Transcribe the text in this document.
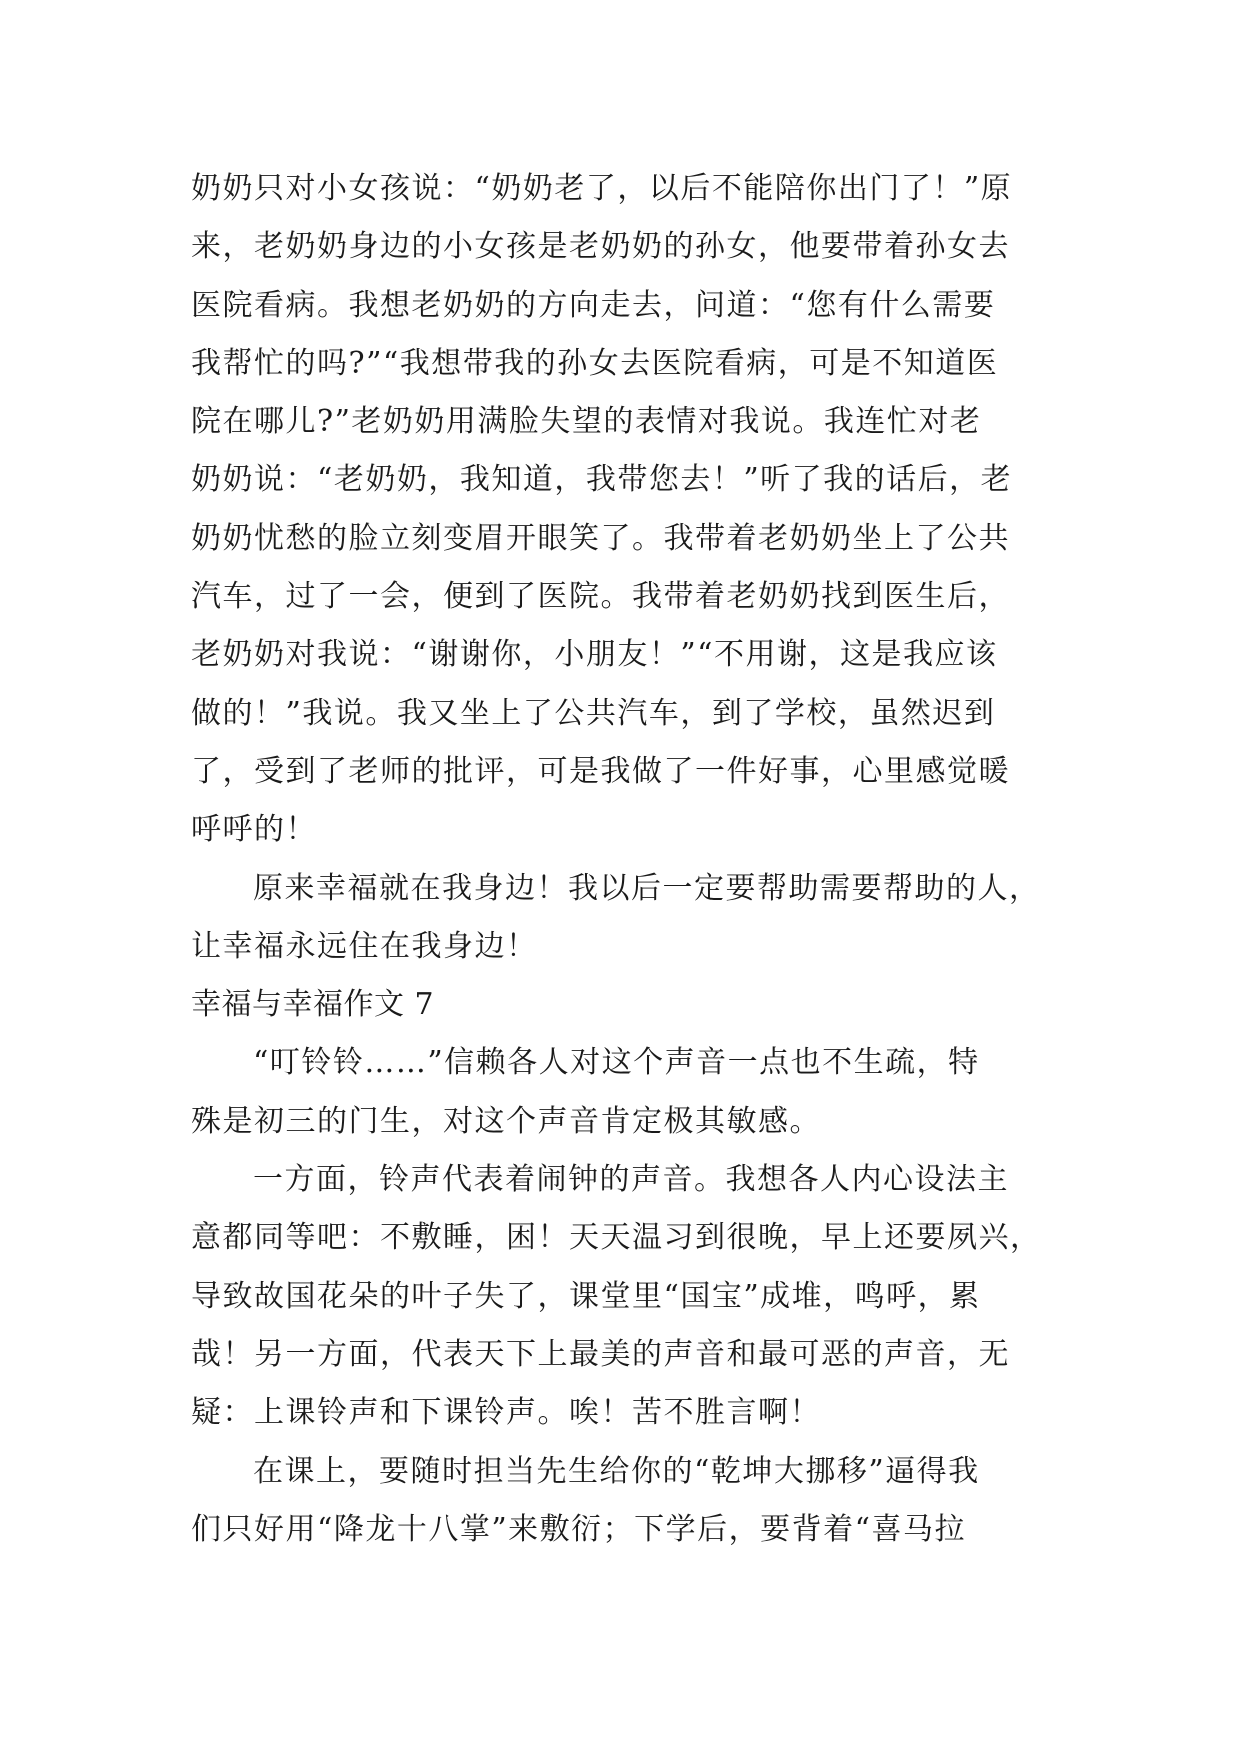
奶奶只对小女孩说：“奶奶老了，以后不能陪你出门了！”原
来，老奶奶身边的小女孩是老奶奶的孙女，他要带着孙女去
医院看病。我想老奶奶的方向走去，问道：“您有什么需要
我帮忙的吗?”“我想带我的孙女去医院看病，可是不知道医
院在哪儿?”老奶奶用满脸失望的表情对我说。我连忙对老
奶奶说：“老奶奶，我知道，我带您去！”听了我的话后，老
奶奶忧愁的脸立刻变眉开眼笑了。我带着老奶奶坐上了公共
汽车，过了一会，便到了医院。我带着老奶奶找到医生后，
老奶奶对我说：“谢谢你，小朋友！”“不用谢，这是我应该
做的！”我说。我又坐上了公共汽车，到了学校，虽然迟到
了，受到了老师的批评，可是我做了一件好事，心里感觉暖
呼呼的！
原来幸福就在我身边！我以后一定要帮助需要帮助的人，
让幸福永远住在我身边！
幸福与幸福作文 7
“叮铃铃……”信赖各人对这个声音一点也不生疏，特
殊是初三的门生，对这个声音肯定极其敏感。
一方面，铃声代表着闹钟的声音。我想各人内心设法主
意都同等吧：不敷睡，困！天天温习到很晚，早上还要夙兴，
导致故国花朵的叶子失了，课堂里“国宝”成堆，鸣呼，累
哉！另一方面，代表天下上最美的声音和最可恶的声音，无
疑：上课铃声和下课铃声。唉！苦不胜言啊！
在课上，要随时担当先生给你的“乾坤大挪移”逼得我
们只好用“降龙十八掌”来敷衍；下学后，要背着“喜马拉
